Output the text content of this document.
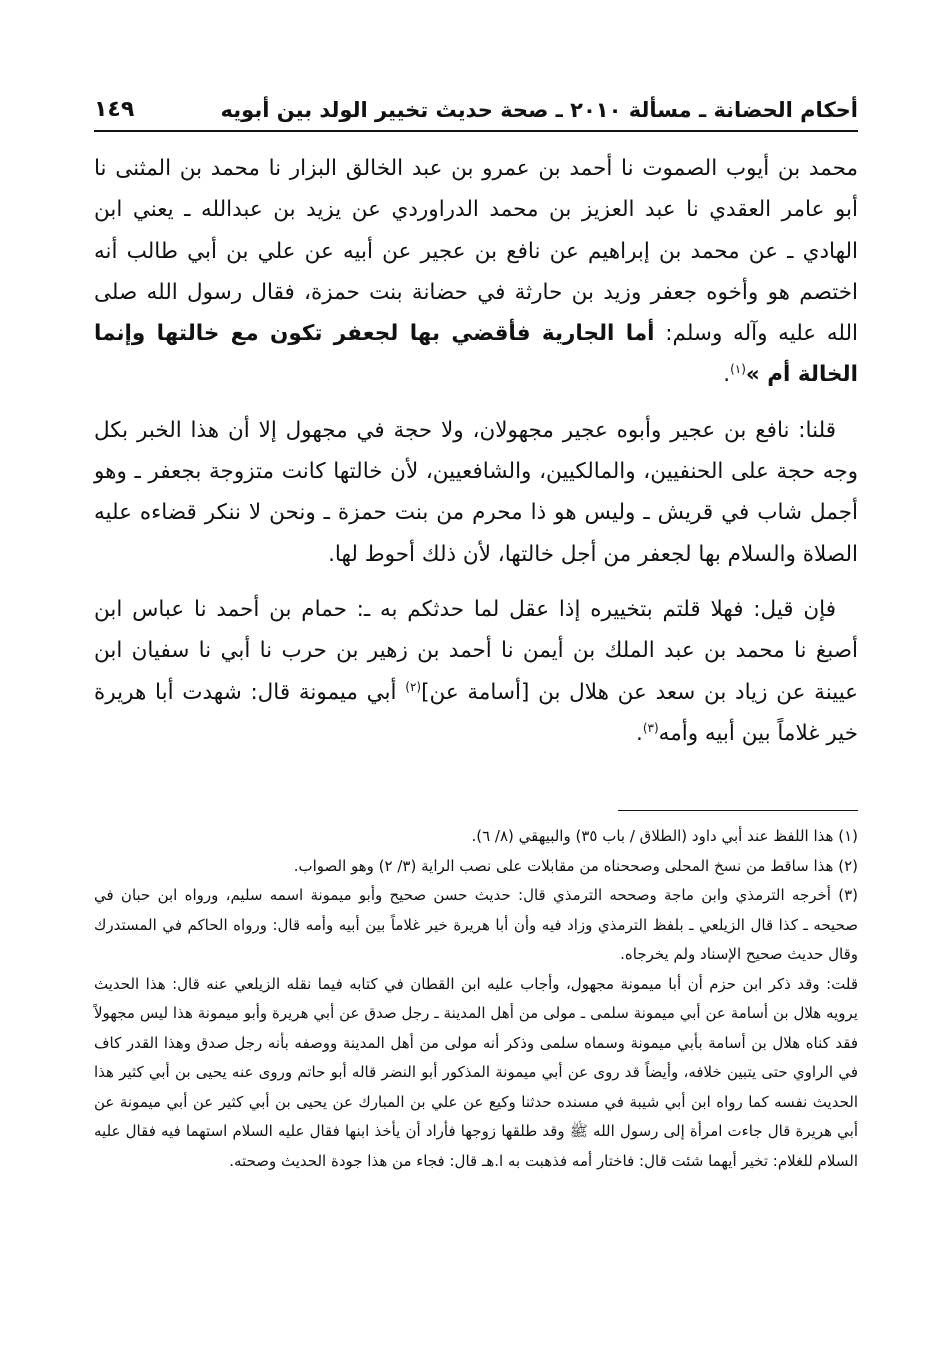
أحكام الحضانة ـ مسألة ٢٠١٠ ـ صحة حديث تخيير الولد بين أبويه
١٤٩

محمد بن أيوب الصموت نا أحمد بن عمرو بن عبد الخالق البزار نا محمد بن المثنى نا أبو عامر العقدي نا عبد العزيز بن محمد الدراوردي عن يزيد بن عبدالله ـ يعني ابن الهادي ـ عن محمد بن إبراهيم عن نافع بن عجير عن أبيه عن علي بن أبي طالب أنه اختصم هو وأخوه جعفر وزيد بن حارثة في حضانة بنت حمزة، فقال رسول الله صلى الله عليه وآله وسلم: أما الجارية فأقضي بها لجعفر تكون مع خالتها وإنما الخالة أم »$^{(١)}$.

قلنا: نافع بن عجير وأبوه عجير مجهولان، ولا حجة في مجهول إلا أن هذا الخبر بكل وجه حجة على الحنفيين، والمالكيين، والشافعيين، لأن خالتها كانت متزوجة بجعفر ـ وهو أجمل شاب في قريش ـ وليس هو ذا محرم من بنت حمزة ـ ونحن لا ننكر قضاءه عليه الصلاة والسلام بها لجعفر من أجل خالتها، لأن ذلك أحوط لها.

فإن قيل: فهلا قلتم بتخييره إذا عقل لما حدثكم به ـ: حمام بن أحمد نا عباس ابن أصبغ نا محمد بن عبد الملك بن أيمن نا أحمد بن زهير بن حرب نا أبي نا سفيان ابن عيينة عن زياد بن سعد عن هلال بن [أسامة عن]$^{(٢)}$ أبي ميمونة قال: شهدت أبا هريرة خير غلاماً بين أبيه وأمه$^{(٣)}$.

(١) هذا اللفظ عند أبي داود (الطلاق / باب ٣٥) والبيهقي (٨/ ٦).

(٢) هذا ساقط من نسخ المحلى وصححناه من مقابلات على نصب الراية (٣/ ٢) وهو الصواب.

(٣) أخرجه الترمذي وابن ماجة وصححه الترمذي قال: حديث حسن صحيح وأبو ميمونة اسمه سليم، ورواه ابن حبان في صحيحه ـ كذا قال الزيلعي ـ بلفظ الترمذي وزاد فيه وأن أبا هريرة خير غلاماً بين أبيه وأمه قال: ورواه الحاكم في المستدرك وقال حديث صحيح الإسناد ولم يخرجاه.

قلت: وقد ذكر ابن حزم أن أبا ميمونة مجهول، وأجاب عليه ابن القطان في كتابه فيما نقله الزيلعي عنه قال: هذا الحديث يرويه هلال بن أسامة عن أبي ميمونة سلمى ـ مولى من أهل المدينة ـ رجل صدق عن أبي هريرة وأبو ميمونة هذا ليس مجهولاً فقد كناه هلال بن أسامة بأبي ميمونة وسماه سلمى وذكر أنه مولى من أهل المدينة ووصفه بأنه رجل صدق وهذا القدر كاف في الراوي حتى يتبين خلافه، وأيضاً قد روى عن أبي ميمونة المذكور أبو النضر قاله أبو حاتم وروى عنه يحيى بن أبي كثير هذا الحديث نفسه كما رواه ابن أبي شيبة في مسنده حدثنا وكيع عن علي بن المبارك عن يحيى بن أبي كثير عن أبي ميمونة عن أبي هريرة قال جاءت امرأة إلى رسول الله ﷺ وقد طلقها زوجها فأراد أن يأخذ ابنها فقال عليه السلام استهما فيه فقال عليه السلام للغلام: تخير أيهما شئت قال: فاختار أمه فذهبت به ا.هـ قال: فجاء من هذا جودة الحديث وصحته.
